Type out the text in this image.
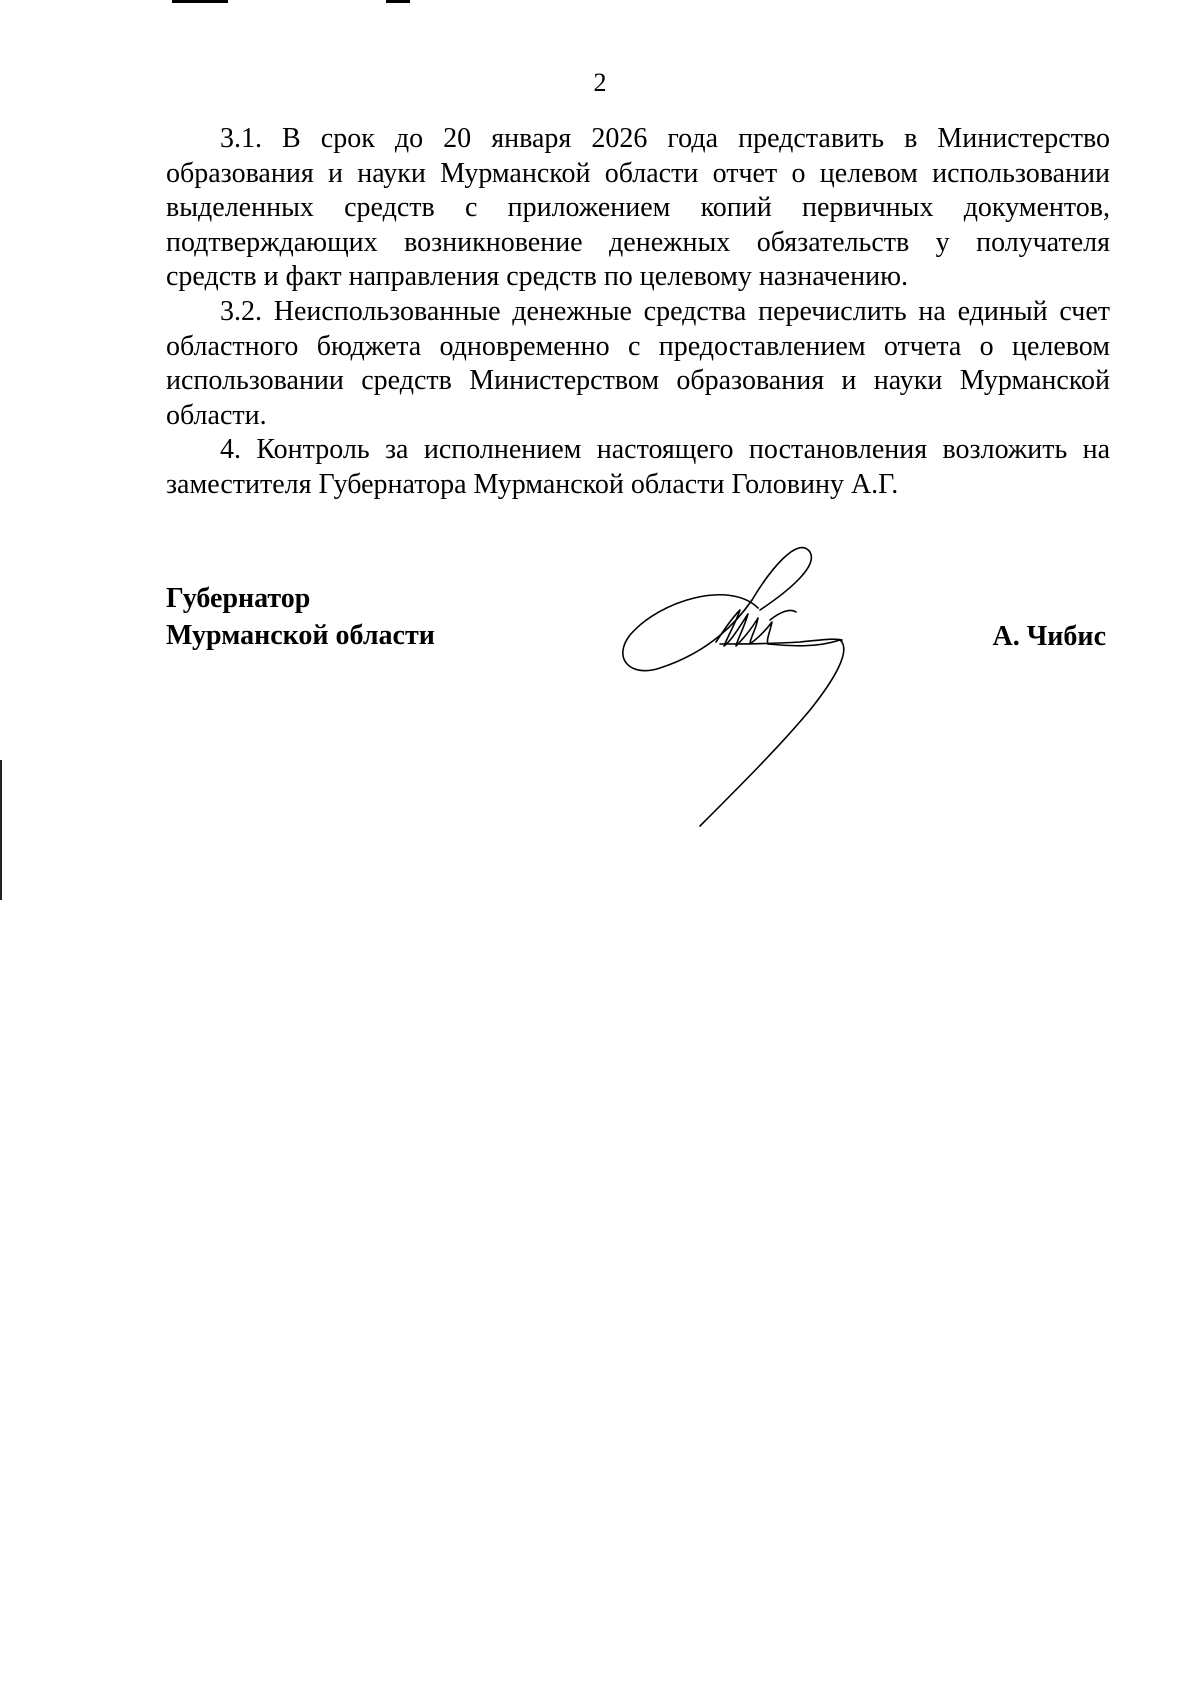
2

3.1. В срок до 20 января 2026 года представить в Министерство образования и науки Мурманской области отчет о целевом использовании выделенных средств с приложением копий первичных документов, подтверждающих возникновение денежных обязательств у получателя средств и факт направления средств по целевому назначению.

3.2. Неиспользованные денежные средства перечислить на единый счет областного бюджета одновременно с предоставлением отчета о целевом использовании средств Министерством образования и науки Мурманской области.

4. Контроль за исполнением настоящего постановления возложить на заместителя Губернатора Мурманской области Головину А.Г.

Губернатор
Мурманской области	А. Чибис
